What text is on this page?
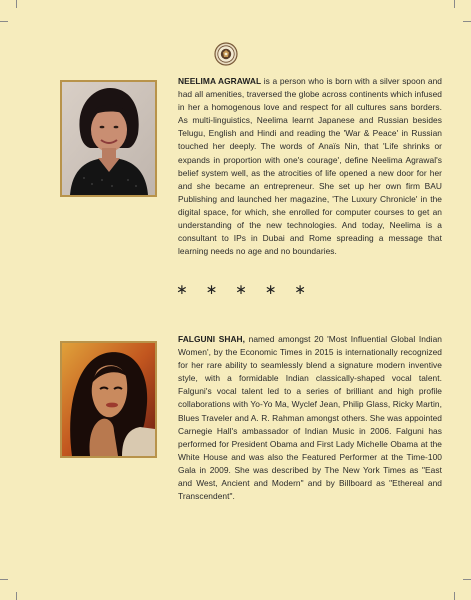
NEELIMA AGRAWAL is a person who is born with a silver spoon and had all amenities, traversed the globe across continents which infused in her a homogenous love and respect for all cultures sans borders. As multi-linguistics, Neelima learnt Japanese and Russian besides Telugu, English and Hindi and reading the 'War & Peace' in Russian touched her deeply. The words of Anaïs Nin, that 'Life shrinks or expands in proportion with one's courage', define Neelima Agrawal's belief system well, as the atrocities of life opened a new door for her and she became an entrepreneur. She set up her own firm BAU Publishing and launched her magazine, 'The Luxury Chronicle' in the digital space, for which, she enrolled for computer courses to get an understanding of the new technologies. And today, Neelima is a consultant to IPs in Dubai and Rome spreading a message that learning needs no age and no boundaries.

∗ ∗ ∗ ∗ ∗

FALGUNI SHAH, named amongst 20 'Most Influential Global Indian Women', by the Economic Times in 2015 is internationally recognized for her rare ability to seamlessly blend a signature modern inventive style, with a formidable Indian classically-shaped vocal talent. Falguni's vocal talent led to a series of brilliant and high profile collaborations with Yo-Yo Ma, Wyclef Jean, Philip Glass, Ricky Martin, Blues Traveler and A. R. Rahman amongst others. She was appointed Carnegie Hall's ambassador of Indian Music in 2006. Falguni has performed for President Obama and First Lady Michelle Obama at the White House and was also the Featured Performer at the Time-100 Gala in 2009. She was described by The New York Times as "East and West, Ancient and Modern" and by Billboard as "Ethereal and Transcendent".
